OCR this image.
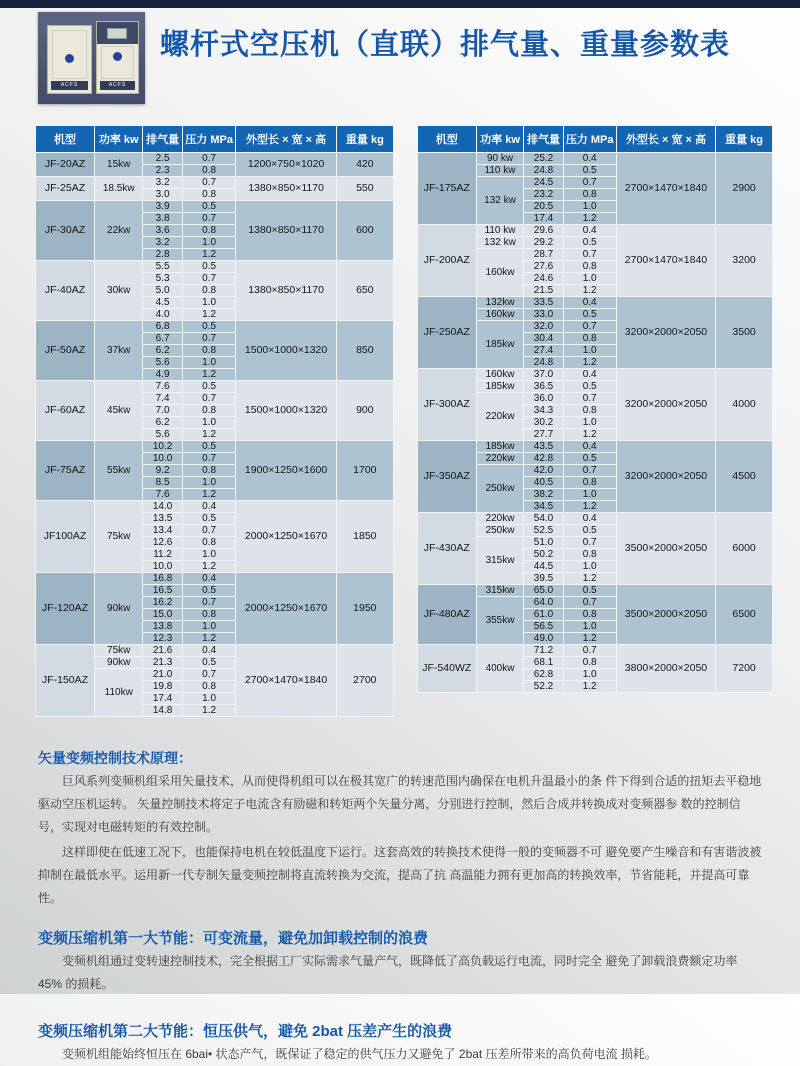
ACFS	ACFS
螺杆式空压机（直联）排气量、重量参数表
机型	功率 kw	排气量	压力 MPa	外型长 × 宽 × 高	重量 kg
JF-20AZ	15kw	2.5	0.7	1200×750×1020	420
		2.3	0.8		
JF-25AZ	18.5kw	3.2	0.7	1380×850×1170	550
		3.0	0.8		
JF-30AZ	22kw	3.9	0.5	1380×850×1170	600
		3.8	0.7		
		3.6	0.8		
		3.2	1.0		
		2.8	1.2		
JF-40AZ	30kw	5.5	0.5	1380×850×1170	650
		5.3	0.7		
		5.0	0.8		
		4.5	1.0		
		4.0	1.2		
JF-50AZ	37kw	6.8	0.5	1500×1000×1320	850
		6.7	0.7		
		6.2	0.8		
		5.6	1.0		
		4.9	1.2		
JF-60AZ	45kw	7.6	0.5	1500×1000×1320	900
		7.4	0.7		
		7.0	0.8		
		6.2	1.0		
		5.6	1.2		
JF-75AZ	55kw	10.2	0.5	1900×1250×1600	1700
		10.0	0.7		
		9.2	0.8		
		8.5	1.0		
		7.6	1.2		
JF100AZ	75kw	14.0	0.4	2000×1250×1670	1850
		13.5	0.5		
		13.4	0.7		
		12.6	0.8		
		11.2	1.0		
		10.0	1.2		
JF-120AZ	90kw	16.8	0.4	2000×1250×1670	1950
		16.5	0.5		
		16.2	0.7		
		15.0	0.8		
		13.8	1.0		
		12.3	1.2		
JF-150AZ	75kw	21.6	0.4	2700×1470×1840	2700
	90kw	21.3	0.5		
	110kw	21.0	0.7		
		19.8	0.8		
		17.4	1.0		
		14.8	1.2		
机型	功率 kw	排气量	压力 MPa	外型长 × 宽 × 高	重量 kg
JF-175AZ	90 kw	25.2	0.4	2700×1470×1840	2900
	110 kw	24.8	0.5		
	132 kw	24.5	0.7		
		23.2	0.8		
		20.5	1.0		
		17.4	1.2		
JF-200AZ	110 kw	29.6	0.4	2700×1470×1840	3200
	132 kw	29.2	0.5		
	160kw	28.7	0.7		
		27.6	0.8		
		24.6	1.0		
		21.5	1.2		
JF-250AZ	132kw	33.5	0.4	3200×2000×2050	3500
	160kw	33.0	0.5		
	185kw	32.0	0.7		
		30.4	0.8		
		27.4	1.0		
		24.8	1.2		
JF-300AZ	160kw	37.0	0.4	3200×2000×2050	4000
	185kw	36.5	0.5		
	220kw	36.0	0.7		
		34.3	0.8		
		30.2	1.0		
		27.7	1.2		
JF-350AZ	185kw	43.5	0.4	3200×2000×2050	4500
	220kw	42.8	0.5		
	250kw	42.0	0.7		
		40.5	0.8		
		38.2	1.0		
		34.5	1.2		
JF-430AZ	220kw	54.0	0.4	3500×2000×2050	6000
	250kw	52.5	0.5		
	315kw	51.0	0.7		
		50.2	0.8		
		44.5	1.0		
		39.5	1.2		
JF-480AZ	315kw	65.0	0.5	3500×2000×2050	6500
	355kw	64.0	0.7		
		61.0	0.8		
		56.5	1.0		
		49.0	1.2		
JF-540WZ	400kw	71.2	0.7	3800×2000×2050	7200
		68.1	0.8		
		62.8	1.0		
		52.2	1.2		
矢量变频控制技术原理：

巨风系列变频机组采用矢量技术，从而使得机组可以在极其宽广的转速范围内确保在电机升温最小的条 件下得到合适的扭矩去平稳地驱动空压机运转。 矢量控制技术将定子电流含有励磁和转矩两个矢量分离，分别进行控制，然后合成并转换成对变频器参 数的控制信号，实现对电磁转矩的有效控制。

这样即使在低速工况下，也能保持电机在较低温度下运行。这套高效的转换技术使得一般的变频器不可 避免要产生噪音和有害谐波被抑制在最低水平。运用新一代专制矢量变频控制将直流转换为交流，提高了抗 高温能力拥有更加高的转换效率，节省能耗，并提高可靠性。

变频压缩机第一大节能：可变流量，避免加卸载控制的浪费

变频机组通过变转速控制技术，完全根据工厂实际需求气量产气，既降低了高负载运行电流，同时完全 避免了卸载浪费额定功率 45% 的损耗。

变频压缩机第二大节能：恒压供气，避免 2bat 压差产生的浪费

变频机组能始终恒压在 6bai• 状态产气，既保证了稳定的供气压力又避免了 2bat 压差所带来的高负荷电流 损耗。
